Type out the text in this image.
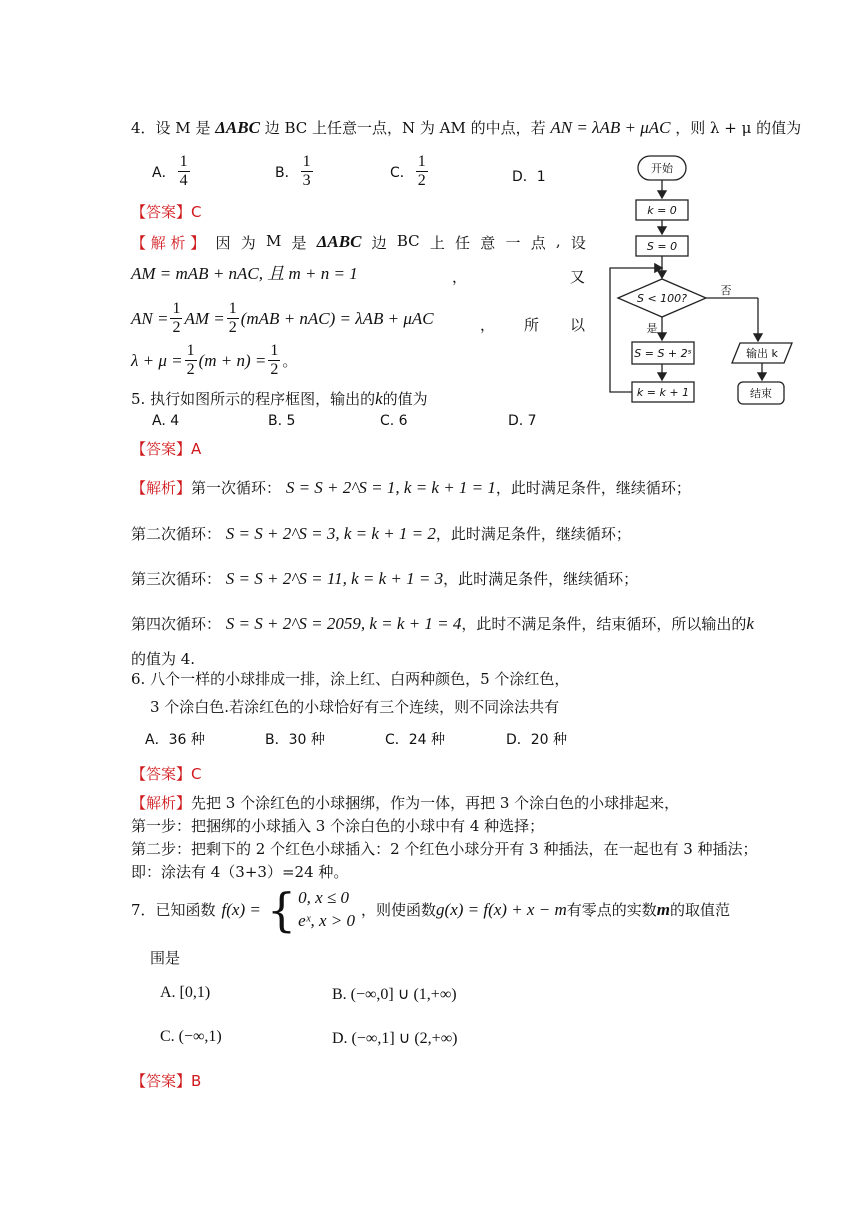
4．设 M 是 ΔABC 边 BC 上任意一点，N 为 AM 的中点，若 AN = λAB + μAC ，则 λ + μ 的值为
A． $\frac{1}{4}$	B． $\frac{1}{3}$	C． $\frac{1}{2}$	D．1
【答案】C
【 解 析 】 因 为 M 是 ΔABC 边 BC 上 任 意 一 点 , 设
AM = mAB + nAC, 且 m + n = 1	，	又
AN = $\frac{1}{2}$ AM = $\frac{1}{2} (mAB + nAC) = \lambda AB + \mu AC$	， 所 以
$\lambda + \mu = \frac{1}{2} (m + n) = \frac{1}{2}$ 。
5. 执行如图所示的程序框图，输出的k的值为
A. 4	B. 5	C. 6	D. 7
【答案】A
【解析】第一次循环： S = S + 2^S = 1, k = k + 1 = 1，此时满足条件，继续循环；
第二次循环： S = S + 2^S = 3, k = k + 1 = 2，此时满足条件，继续循环；
第三次循环： S = S + 2^S = 11, k = k + 1 = 3，此时满足条件，继续循环；
第四次循环： S = S + 2^S = 2059, k = k + 1 = 4，此时不满足条件，结束循环，所以输出的k
的值为 4.
开始
k = 0
S = 0
S < 100?
否
是
S = S + 2ˢ
k = k + 1
输出 k
结束
6. 八个一样的小球排成一排，涂上红、白两种颜色，5 个涂红色，
3 个涂白色.若涂红色的小球恰好有三个连续，则不同涂法共有
A．36 种	B．30 种	C．24 种	D．20 种
【答案】C
【解析】先把 3 个涂红色的小球捆绑，作为一体，再把 3 个涂白色的小球排起来，
第一步：把捆绑的小球插入 3 个涂白色的小球中有 4 种选择；
第二步：把剩下的 2 个红色小球插入：2 个红色小球分开有 3 种插法，在一起也有 3 种插法；
即：涂法有 4（3+3）=24 种。
7．已知函数 f(x) = { 0, x ≤ 0
eˣ, x > 0
，则使函数 g(x) = f(x) + x − m 有零点的实数 m 的取值范
围是
A. [0,1)	B. (−∞,0] ∪ (1,+∞)
C. (−∞,1)	D. (−∞,1] ∪ (2,+∞)
【答案】B
